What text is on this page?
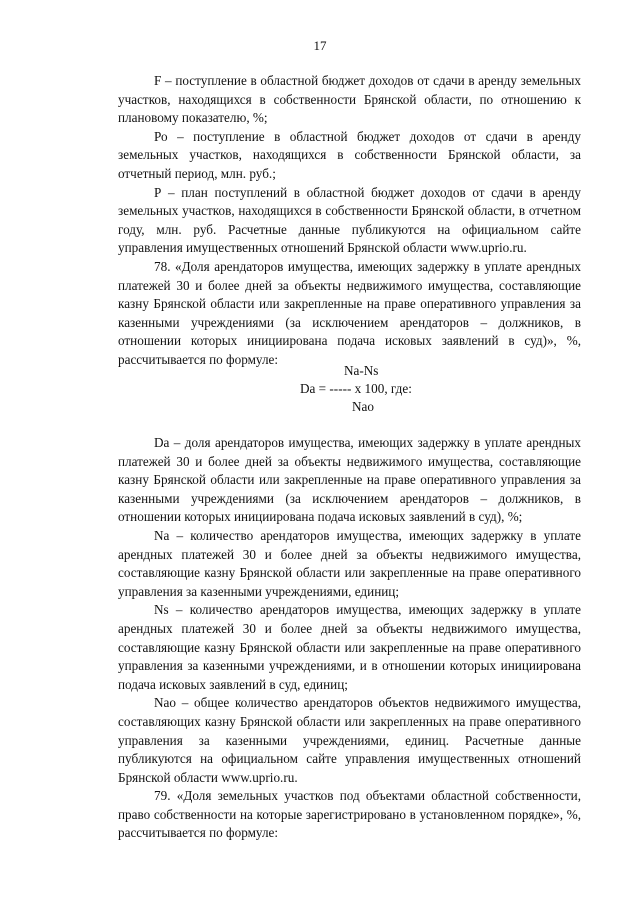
17

F – поступление в областной бюджет доходов от сдачи в аренду земельных участков, находящихся в собственности Брянской области, по отношению к плановому показателю, %;

Ро – поступление в областной бюджет доходов от сдачи в аренду земельных участков, находящихся в собственности Брянской области, за отчетный период, млн. руб.;

Р – план поступлений в областной бюджет доходов от сдачи в аренду земельных участков, находящихся в собственности Брянской области, в отчетном году, млн. руб. Расчетные данные публикуются на официальном сайте управления имущественных отношений Брянской области www.uprio.ru.

78. «Доля арендаторов имущества, имеющих задержку в уплате арендных платежей 30 и более дней за объекты недвижимого имущества, составляющие казну Брянской области или закрепленные на праве оперативного управления за казенными учреждениями (за исключением арендаторов – должников, в отношении которых инициирована подача исковых заявлений в суд)», %, рассчитывается по формуле:

Na-Ns
Da = ----- x 100, где:
Nao

Da – доля арендаторов имущества, имеющих задержку в уплате арендных платежей 30 и более дней за объекты недвижимого имущества, составляющие казну Брянской области или закрепленные на праве оперативного управления за казенными учреждениями (за исключением арендаторов – должников, в отношении которых инициирована подача исковых заявлений в суд), %;

Na – количество арендаторов имущества, имеющих задержку в уплате арендных платежей 30 и более дней за объекты недвижимого имущества, составляющие казну Брянской области или закрепленные на праве оперативного управления за казенными учреждениями, единиц;

Ns – количество арендаторов имущества, имеющих задержку в уплате арендных платежей 30 и более дней за объекты недвижимого имущества, составляющие казну Брянской области или закрепленные на праве оперативного управления за казенными учреждениями, и в отношении которых инициирована подача исковых заявлений в суд, единиц;

Nao – общее количество арендаторов объектов недвижимого имущества, составляющих казну Брянской области или закрепленных на праве оперативного управления за казенными учреждениями, единиц. Расчетные данные публикуются на официальном сайте управления имущественных отношений Брянской области www.uprio.ru.

79. «Доля земельных участков под объектами областной собственности, право собственности на которые зарегистрировано в установленном порядке», %, рассчитывается по формуле:
